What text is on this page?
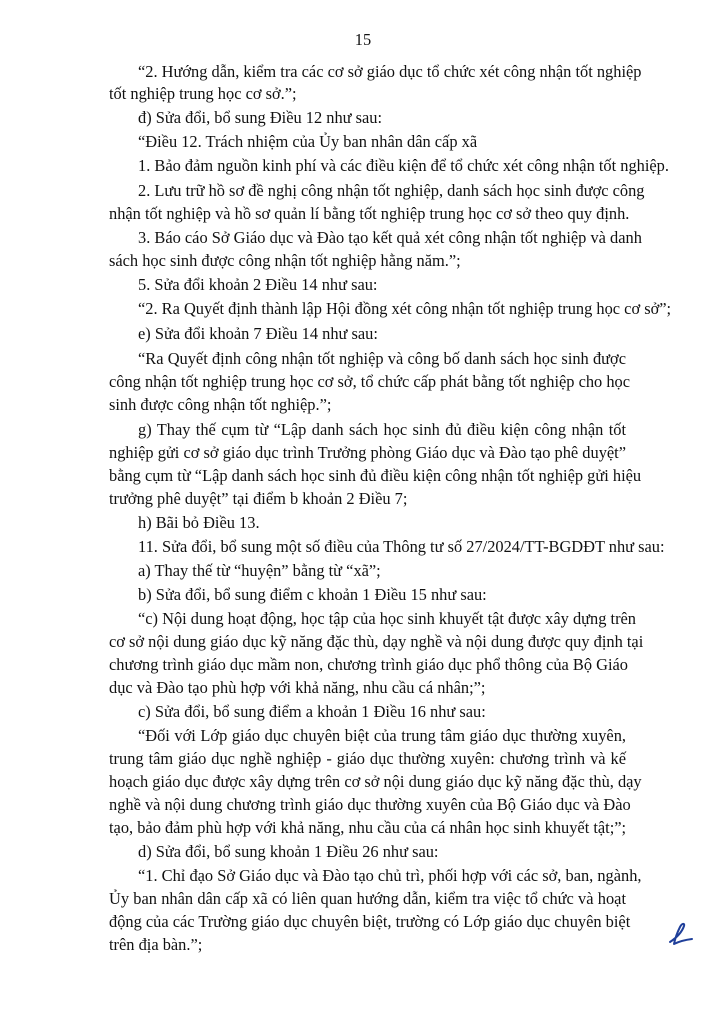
15
“2. Hướng dẫn, kiểm tra các cơ sở giáo dục tổ chức xét công nhận tốt nghiệp
tốt nghiệp trung học cơ sở.”;
đ) Sửa đổi, bổ sung Điều 12 như sau:
“Điều 12. Trách nhiệm của Ủy ban nhân dân cấp xã
1. Bảo đảm nguồn kinh phí và các điều kiện để tổ chức xét công nhận tốt nghiệp.
2. Lưu trữ hồ sơ đề nghị công nhận tốt nghiệp, danh sách học sinh được công
nhận tốt nghiệp và hồ sơ quản lí bằng tốt nghiệp trung học cơ sở theo quy định.
3. Báo cáo Sở Giáo dục và Đào tạo kết quả xét công nhận tốt nghiệp và danh
sách học sinh được công nhận tốt nghiệp hằng năm.”;
5. Sửa đổi khoản 2 Điều 14 như sau:
“2. Ra Quyết định thành lập Hội đồng xét công nhận tốt nghiệp trung học cơ sở”;
e) Sửa đổi khoản 7 Điều 14 như sau:
“Ra Quyết định công nhận tốt nghiệp và công bố danh sách học sinh được
công nhận tốt nghiệp trung học cơ sở, tổ chức cấp phát bằng tốt nghiệp cho học
sinh được công nhận tốt nghiệp.”;
g) Thay thế cụm từ “Lập danh sách học sinh đủ điều kiện công nhận tốt
nghiệp gửi cơ sở giáo dục trình Trưởng phòng Giáo dục và Đào tạo phê duyệt”
bằng cụm từ “Lập danh sách học sinh đủ điều kiện công nhận tốt nghiệp gửi hiệu
trưởng phê duyệt” tại điểm b khoản 2 Điều 7;
h) Bãi bỏ Điều 13.
11. Sửa đổi, bổ sung một số điều của Thông tư số 27/2024/TT-BGDĐT như sau:
a) Thay thế từ “huyện” bằng từ “xã”;
b) Sửa đổi, bổ sung điểm c khoản 1 Điều 15 như sau:
“c) Nội dung hoạt động, học tập của học sinh khuyết tật được xây dựng trên
cơ sở nội dung giáo dục kỹ năng đặc thù, dạy nghề và nội dung được quy định tại
chương trình giáo dục mầm non, chương trình giáo dục phổ thông của Bộ Giáo
dục và Đào tạo phù hợp với khả năng, nhu cầu cá nhân;”;
c) Sửa đổi, bổ sung điểm a khoản 1 Điều 16 như sau:
“Đối với Lớp giáo dục chuyên biệt của trung tâm giáo dục thường xuyên,
trung tâm giáo dục nghề nghiệp - giáo dục thường xuyên: chương trình và kế
hoạch giáo dục được xây dựng trên cơ sở nội dung giáo dục kỹ năng đặc thù, dạy
nghề và nội dung chương trình giáo dục thường xuyên của Bộ Giáo dục và Đào
tạo, bảo đảm phù hợp với khả năng, nhu cầu của cá nhân học sinh khuyết tật;”;
d) Sửa đổi, bổ sung khoản 1 Điều 26 như sau:
“1. Chỉ đạo Sở Giáo dục và Đào tạo chủ trì, phối hợp với các sở, ban, ngành,
Ủy ban nhân dân cấp xã có liên quan hướng dẫn, kiểm tra việc tổ chức và hoạt
động của các Trường giáo dục chuyên biệt, trường có Lớp giáo dục chuyên biệt
trên địa bàn.”;
